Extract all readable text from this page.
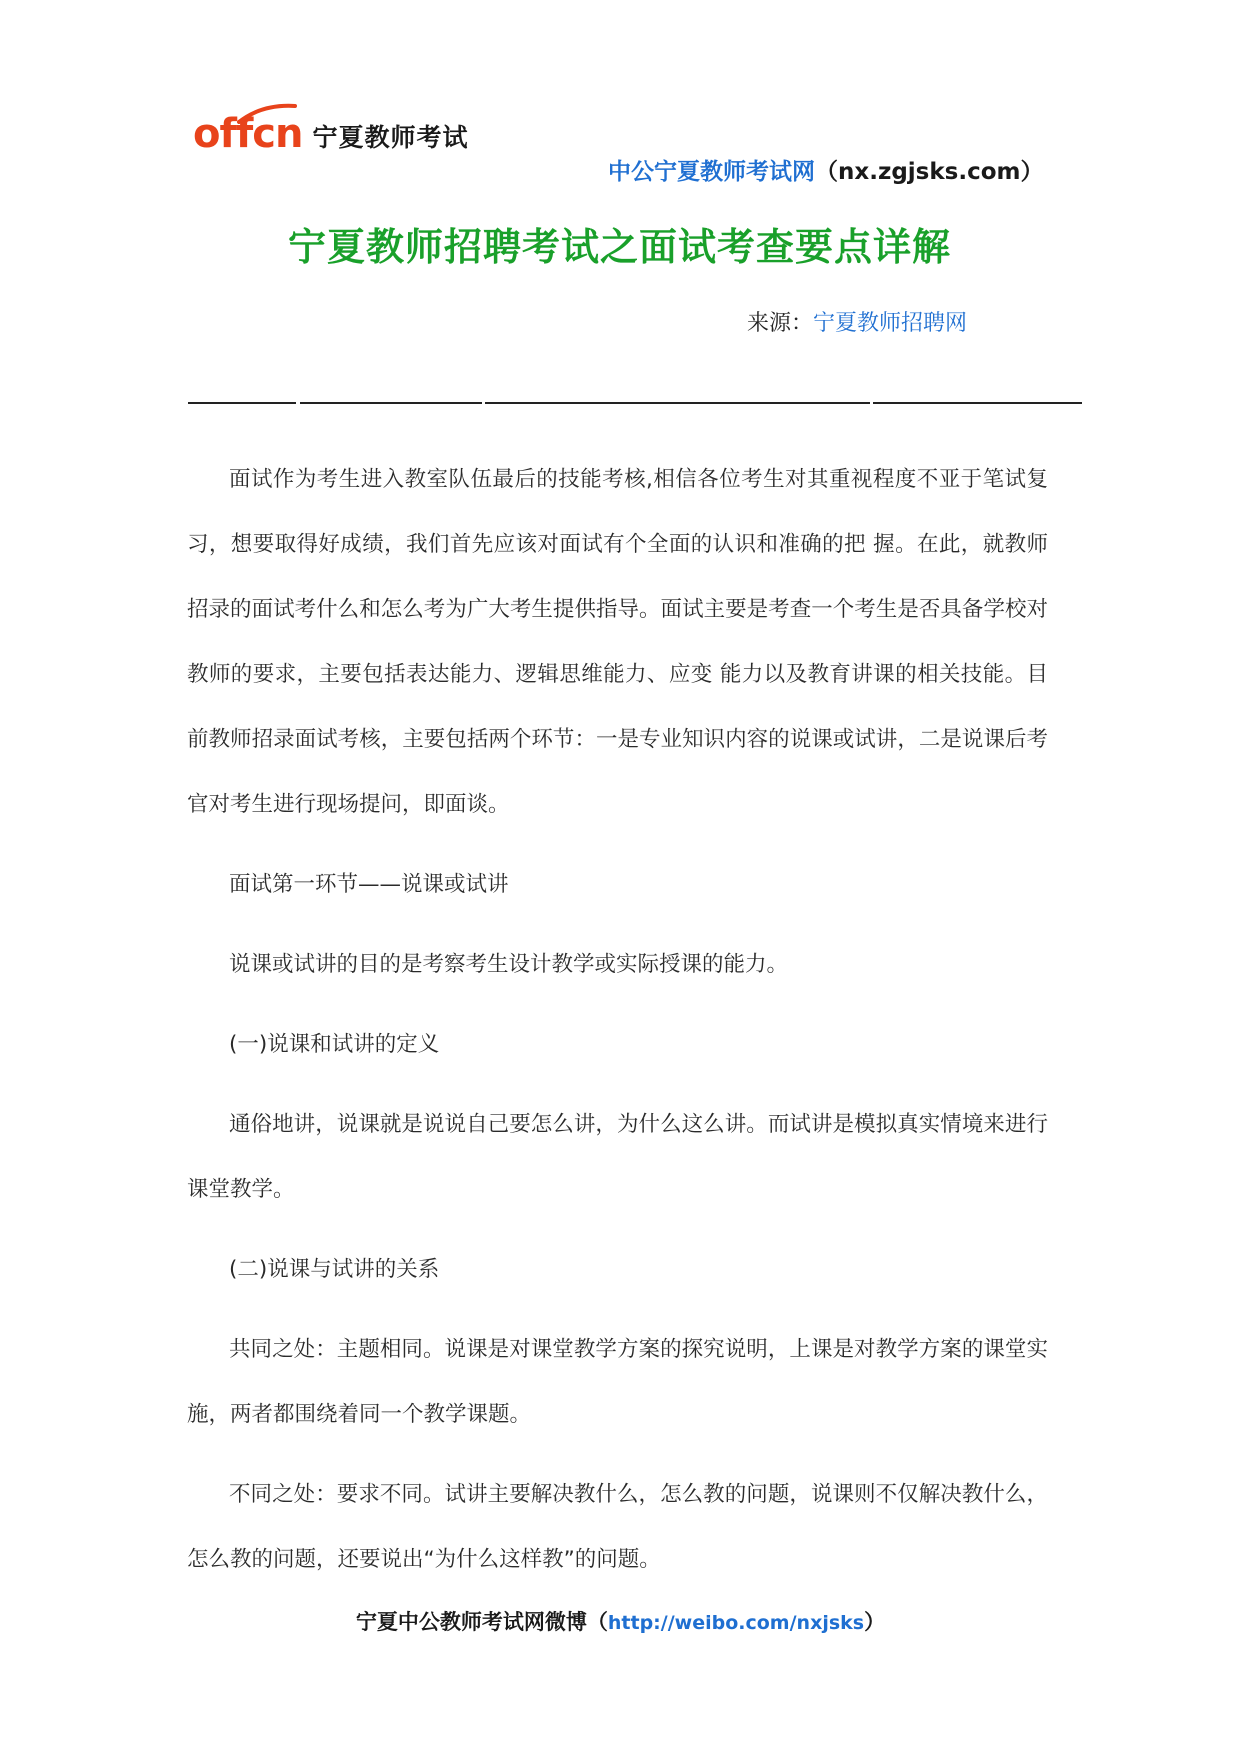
offcn 宁夏教师考试
中公宁夏教师考试网（nx.zgjsks.com）
宁夏教师招聘考试之面试考查要点详解
来源：宁夏教师招聘网

面试作为考生进入教室队伍最后的技能考核,相信各位考生对其重视程度不亚于笔试复习，想要取得好成绩，我们首先应该对面试有个全面的认识和准确的把 握。在此，就教师招录的面试考什么和怎么考为广大考生提供指导。面试主要是考查一个考生是否具备学校对教师的要求，主要包括表达能力、逻辑思维能力、应变 能力以及教育讲课的相关技能。目前教师招录面试考核，主要包括两个环节：一是专业知识内容的说课或试讲，二是说课后考官对考生进行现场提问，即面谈。

面试第一环节——说课或试讲

说课或试讲的目的是考察考生设计教学或实际授课的能力。

(一)说课和试讲的定义

通俗地讲，说课就是说说自己要怎么讲，为什么这么讲。而试讲是模拟真实情境来进行课堂教学。

(二)说课与试讲的关系

共同之处：主题相同。说课是对课堂教学方案的探究说明，上课是对教学方案的课堂实施，两者都围绕着同一个教学课题。

不同之处：要求不同。试讲主要解决教什么，怎么教的问题，说课则不仅解决教什么，怎么教的问题，还要说出“为什么这样教”的问题。

宁夏中公教师考试网微博（http://weibo.com/nxjsks）
